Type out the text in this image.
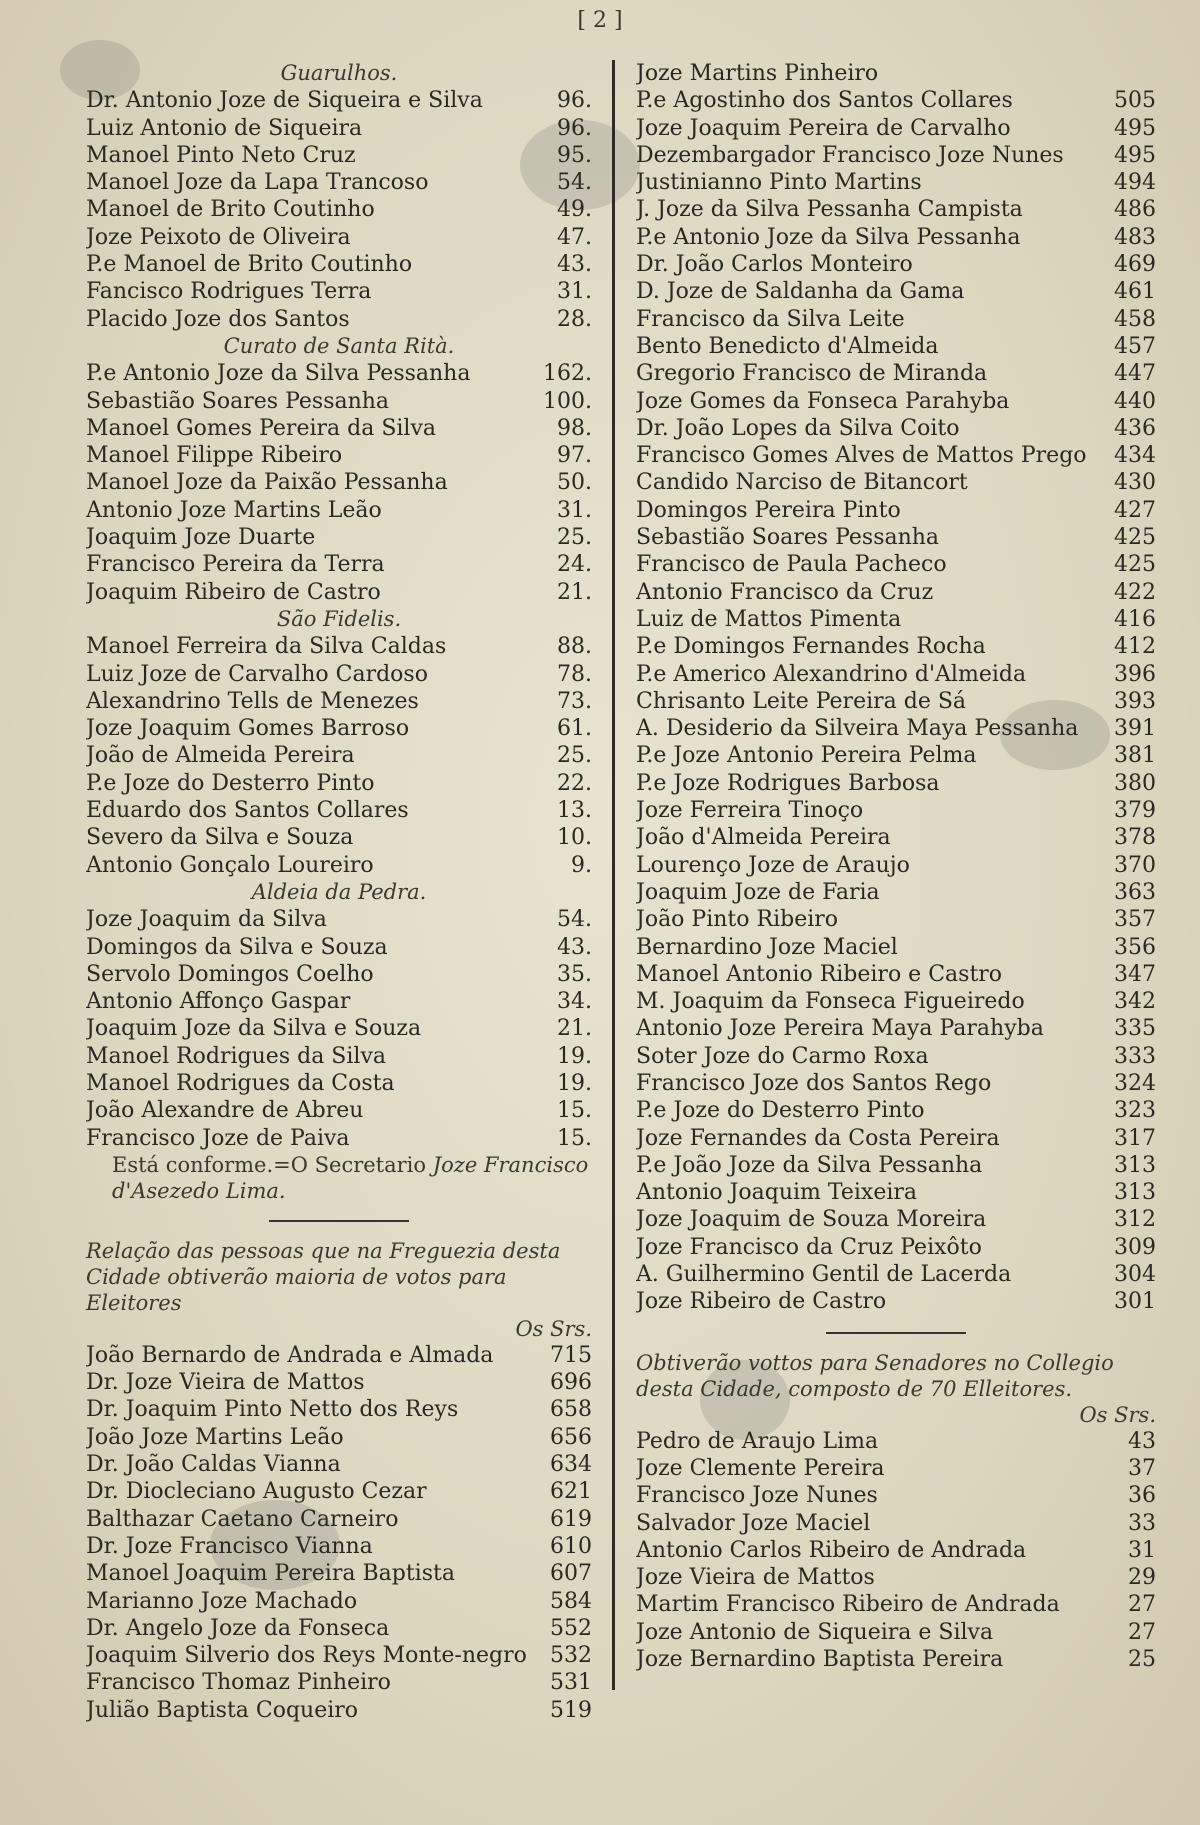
[ 2 ]
Guarulhos.
Dr. Antonio Joze de Siqueira e Silva	96.
Luiz Antonio de Siqueira	96.
Manoel Pinto Neto Cruz	95.
Manoel Joze da Lapa Trancoso	54.
Manoel de Brito Coutinho	49.
Joze Peixoto de Oliveira	47.
P.e Manoel de Brito Coutinho	43.
Fancisco Rodrigues Terra	31.
Placido Joze dos Santos	28.
Curato de Santa Rità.
P.e Antonio Joze da Silva Pessanha	162.
Sebastião Soares Pessanha	100.
Manoel Gomes Pereira da Silva	98.
Manoel Filippe Ribeiro	97.
Manoel Joze da Paixão Pessanha	50.
Antonio Joze Martins Leão	31.
Joaquim Joze Duarte	25.
Francisco Pereira da Terra	24.
Joaquim Ribeiro de Castro	21.
São Fidelis.
Manoel Ferreira da Silva Caldas	88.
Luiz Joze de Carvalho Cardoso	78.
Alexandrino Tells de Menezes	73.
Joze Joaquim Gomes Barroso	61.
João de Almeida Pereira	25.
P.e Joze do Desterro Pinto	22.
Eduardo dos Santos Collares	13.
Severo da Silva e Souza	10.
Antonio Gonçalo Loureiro	9.
Aldeia da Pedra.
Joze Joaquim da Silva	54.
Domingos da Silva e Souza	43.
Servolo Domingos Coelho	35.
Antonio Affonço Gaspar	34.
Joaquim Joze da Silva e Souza	21.
Manoel Rodrigues da Silva	19.
Manoel Rodrigues da Costa	19.
João Alexandre de Abreu	15.
Francisco Joze de Paiva	15.
Está conforme.=O Secretario Joze Francisco d'Asezedo Lima.
Relação das pessoas que na Freguezia desta Cidade obtiverão maioria de votos para Eleitores
Os Srs.
João Bernardo de Andrada e Almada	715
Dr. Joze Vieira de Mattos	696
Dr. Joaquim Pinto Netto dos Reys	658
João Joze Martins Leão	656
Dr. João Caldas Vianna	634
Dr. Diocleciano Augusto Cezar	621
Balthazar Caetano Carneiro	619
Dr. Joze Francisco Vianna	610
Manoel Joaquim Pereira Baptista	607
Marianno Joze Machado	584
Dr. Angelo Joze da Fonseca	552
Joaquim Silverio dos Reys Monte-negro	532
Francisco Thomaz Pinheiro	531
Julião Baptista Coqueiro	519
Joze Martins Pinheiro
P.e Agostinho dos Santos Collares	505
Joze Joaquim Pereira de Carvalho	495
Dezembargador Francisco Joze Nunes	495
Justinianno Pinto Martins	494
J. Joze da Silva Pessanha Campista	486
P.e Antonio Joze da Silva Pessanha	483
Dr. João Carlos Monteiro	469
D. Joze de Saldanha da Gama	461
Francisco da Silva Leite	458
Bento Benedicto d'Almeida	457
Gregorio Francisco de Miranda	447
Joze Gomes da Fonseca Parahyba	440
Dr. João Lopes da Silva Coito	436
Francisco Gomes Alves de Mattos Prego	434
Candido Narciso de Bitancort	430
Domingos Pereira Pinto	427
Sebastião Soares Pessanha	425
Francisco de Paula Pacheco	425
Antonio Francisco da Cruz	422
Luiz de Mattos Pimenta	416
P.e Domingos Fernandes Rocha	412
P.e Americo Alexandrino d'Almeida	396
Chrisanto Leite Pereira de Sá	393
A. Desiderio da Silveira Maya Pessanha	391
P.e Joze Antonio Pereira Pelma	381
P.e Joze Rodrigues Barbosa	380
Joze Ferreira Tinoço	379
João d'Almeida Pereira	378
Lourenço Joze de Araujo	370
Joaquim Joze de Faria	363
João Pinto Ribeiro	357
Bernardino Joze Maciel	356
Manoel Antonio Ribeiro e Castro	347
M. Joaquim da Fonseca Figueiredo	342
Antonio Joze Pereira Maya Parahyba	335
Soter Joze do Carmo Roxa	333
Francisco Joze dos Santos Rego	324
P.e Joze do Desterro Pinto	323
Joze Fernandes da Costa Pereira	317
P.e João Joze da Silva Pessanha	313
Antonio Joaquim Teixeira	313
Joze Joaquim de Souza Moreira	312
Joze Francisco da Cruz Peixôto	309
A. Guilhermino Gentil de Lacerda	304
Joze Ribeiro de Castro	301
Obtiverão vottos para Senadores no Collegio desta Cidade, composto de 70 Elleitores.
Os Srs.
Pedro de Araujo Lima	43
Joze Clemente Pereira	37
Francisco Joze Nunes	36
Salvador Joze Maciel	33
Antonio Carlos Ribeiro de Andrada	31
Joze Vieira de Mattos	29
Martim Francisco Ribeiro de Andrada	27
Joze Antonio de Siqueira e Silva	27
Joze Bernardino Baptista Pereira	25
